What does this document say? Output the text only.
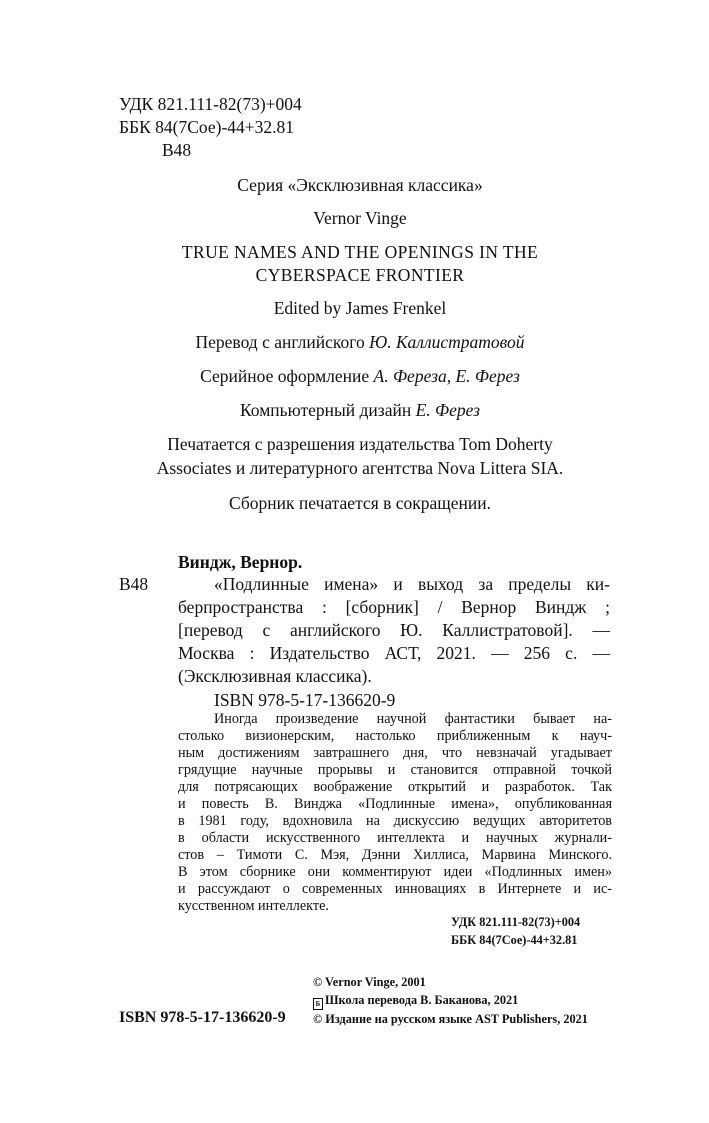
УДК 821.111-82(73)+004
ББК 84(7Сое)-44+32.81
В48
Серия «Эксклюзивная классика»
Vernor Vinge
TRUE NAMES AND THE OPENINGS IN THE
CYBERSPACE FRONTIER
Edited by James Frenkel
Перевод с английского Ю. Каллистратовой
Серийное оформление А. Фереза, Е. Ферез
Компьютерный дизайн Е. Ферез
Печатается с разрешения издательства Tom Doherty
Associates и литературного агентства Nova Littera SIA.
Сборник печатается в сокращении.
Виндж, Вернор.
В48	«Подлинные имена» и выход за пределы ки-
берпространства : [сборник] / Вернор Виндж ;
[перевод с английского Ю. Каллистратовой]. —
Москва : Издательство АСТ, 2021. — 256 с. —
(Эксклюзивная классика).
ISBN 978-5-17-136620-9
Иногда произведение научной фантастики бывает на-
столько визионерским, настолько приближенным к науч-
ным достижениям завтрашнего дня, что невзначай угадывает
грядущие научные прорывы и становится отправной точкой
для потрясающих воображение открытий и разработок. Так
и повесть В. Винджа «Подлинные имена», опубликованная
в 1981 году, вдохновила на дискуссию ведущих авторитетов
в области искусственного интеллекта и научных журнали-
стов – Тимоти С. Мэя, Дэнни Хиллиса, Марвина Минского.
В этом сборнике они комментируют идеи «Подлинных имен»
и рассуждают о современных инновациях в Интернете и ис-
кусственном интеллекте.
УДК 821.111-82(73)+004
ББК 84(7Сое)-44+32.81
© Vernor Vinge, 2001
Б Школа перевода В. Баканова, 2021
ISBN 978-5-17-136620-9 © Издание на русском языке AST Publishers, 2021
